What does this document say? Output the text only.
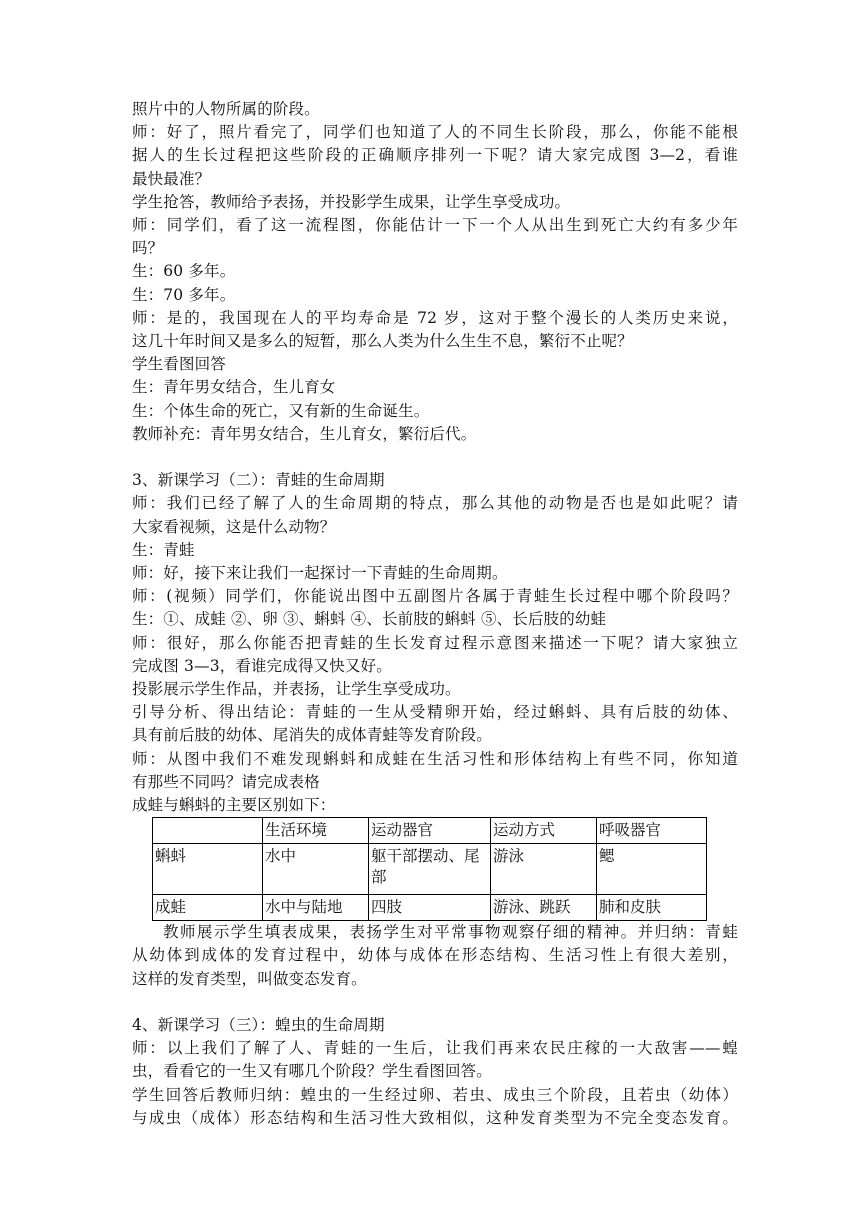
照片中的人物所属的阶段。
师：好了，照片看完了，同学们也知道了人的不同生长阶段，那么，你能不能根
据人的生长过程把这些阶段的正确顺序排列一下呢？请大家完成图 3—2，看谁
最快最准？
学生抢答，教师给予表扬，并投影学生成果，让学生享受成功。
师：同学们，看了这一流程图，你能估计一下一个人从出生到死亡大约有多少年
吗？
生：60 多年。
生：70 多年。
师：是的，我国现在人的平均寿命是 72 岁，这对于整个漫长的人类历史来说，
这几十年时间又是多么的短暂，那么人类为什么生生不息，繁衍不止呢？
学生看图回答
生：青年男女结合，生儿育女
生：个体生命的死亡，又有新的生命诞生。
教师补充：青年男女结合，生儿育女，繁衍后代。
3、新课学习（二）：青蛙的生命周期
师：我们已经了解了人的生命周期的特点，那么其他的动物是否也是如此呢？请
大家看视频，这是什么动物？
生：青蛙
师：好，接下来让我们一起探讨一下青蛙的生命周期。
师：(视频）同学们，你能说出图中五副图片各属于青蛙生长过程中哪个阶段吗？
生：①、成蛙 ②、卵 ③、蝌蚪 ④、长前肢的蝌蚪 ⑤、长后肢的幼蛙
师：很好，那么你能否把青蛙的生长发育过程示意图来描述一下呢？请大家独立
完成图 3—3，看谁完成得又快又好。
投影展示学生作品，并表扬，让学生享受成功。
引导分析、得出结论：青蛙的一生从受精卵开始，经过蝌蚪、具有后肢的幼体、
具有前后肢的幼体、尾消失的成体青蛙等发育阶段。
师：从图中我们不难发现蝌蚪和成蛙在生活习性和形体结构上有些不同，你知道
有那些不同吗？请完成表格
成蛙与蝌蚪的主要区别如下：
	生活环境	运动器官	运动方式	呼吸器官
蝌蚪	水中	躯干部摆动、尾部	游泳	鳃
成蛙	水中与陆地	四肢	游泳、跳跃	肺和皮肤
教师展示学生填表成果，表扬学生对平常事物观察仔细的精神。并归纳：青蛙
从幼体到成体的发育过程中，幼体与成体在形态结构、生活习性上有很大差别，
这样的发育类型，叫做变态发育。
4、新课学习（三）：蝗虫的生命周期
师：以上我们了解了人、青蛙的一生后，让我们再来农民庄稼的一大敌害——蝗
虫，看看它的一生又有哪几个阶段？学生看图回答。
学生回答后教师归纳：蝗虫的一生经过卵、若虫、成虫三个阶段，且若虫（幼体）
与成虫（成体）形态结构和生活习性大致相似，这种发育类型为不完全变态发育。
